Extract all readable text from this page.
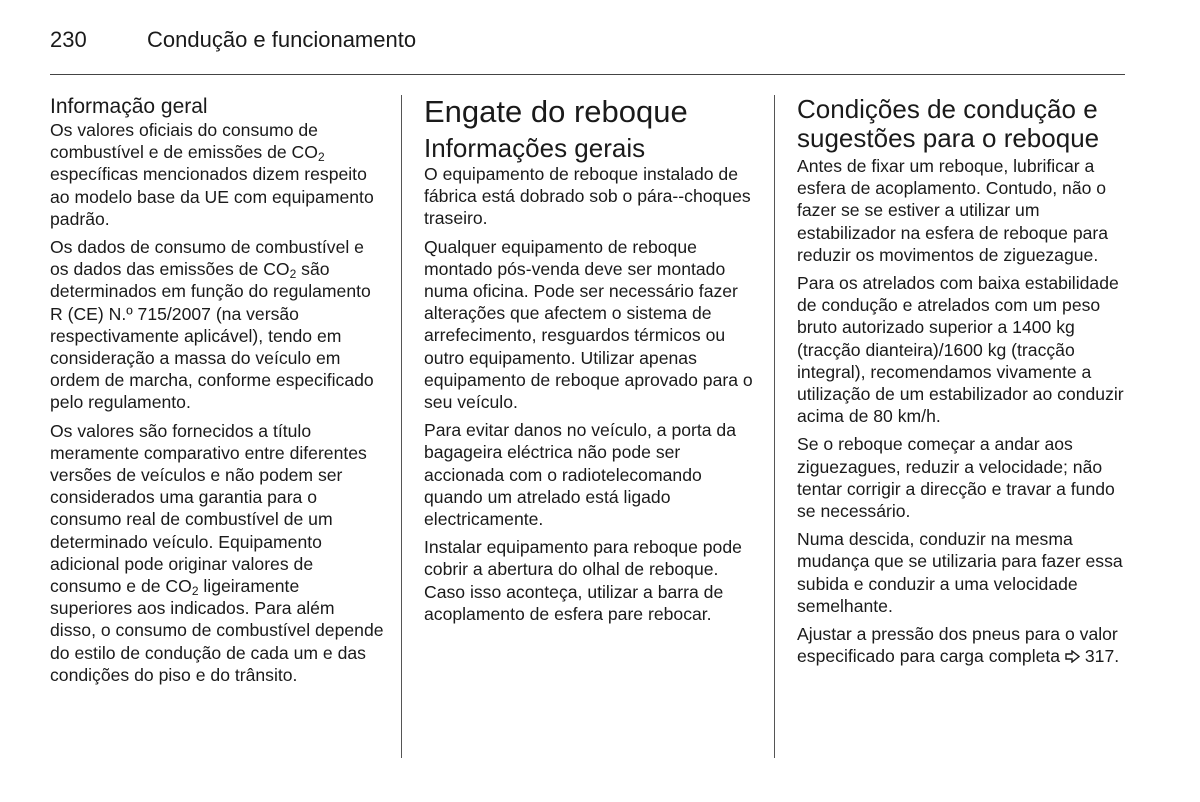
230	Condução e funcionamento
Informação geral

Os valores oficiais do consumo de combustível e de emissões de $CO_2$ específicas mencionados dizem respeito ao modelo base da UE com equipamento padrão.

Os dados de consumo de combustível e os dados das emissões de $CO_2$ são determinados em função do regulamento R (CE) N.º 715/2007 (na versão respectivamente aplicável), tendo em consideração a massa do veículo em ordem de marcha, conforme especificado pelo regulamento.

Os valores são fornecidos a título meramente comparativo entre diferentes versões de veículos e não podem ser considerados uma garantia para o consumo real de combustível de um determinado veículo. Equipamento adicional pode originar valores de consumo e de $CO_2$ ligeiramente superiores aos indicados. Para além disso, o consumo de combustível depende do estilo de condução de cada um e das condições do piso e do trânsito.

Engate do reboque
Informações gerais

O equipamento de reboque instalado de fábrica está dobrado sob o pára--choques traseiro.

Qualquer equipamento de reboque montado pós-venda deve ser montado numa oficina. Pode ser necessário fazer alterações que afectem o sistema de arrefecimento, resguardos térmicos ou outro equipamento. Utilizar apenas equipamento de reboque aprovado para o seu veículo.

Para evitar danos no veículo, a porta da bagageira eléctrica não pode ser accionada com o radiotelecomando quando um atrelado está ligado electricamente.

Instalar equipamento para reboque pode cobrir a abertura do olhal de reboque. Caso isso aconteça, utilizar a barra de acoplamento de esfera pare rebocar.

Condições de condução e sugestões para o reboque

Antes de fixar um reboque, lubrificar a esfera de acoplamento. Contudo, não o fazer se se estiver a utilizar um estabilizador na esfera de reboque para reduzir os movimentos de ziguezague.

Para os atrelados com baixa estabilidade de condução e atrelados com um peso bruto autorizado superior a 1400 kg (tracção dianteira)/1600 kg (tracção integral), recomendamos vivamente a utilização de um estabilizador ao conduzir acima de 80 km/h.

Se o reboque começar a andar aos ziguezagues, reduzir a velocidade; não tentar corrigir a direcção e travar a fundo se necessário.

Numa descida, conduzir na mesma mudança que se utilizaria para fazer essa subida e conduzir a uma velocidade semelhante.

Ajustar a pressão dos pneus para o valor especificado para carga completa  317.
